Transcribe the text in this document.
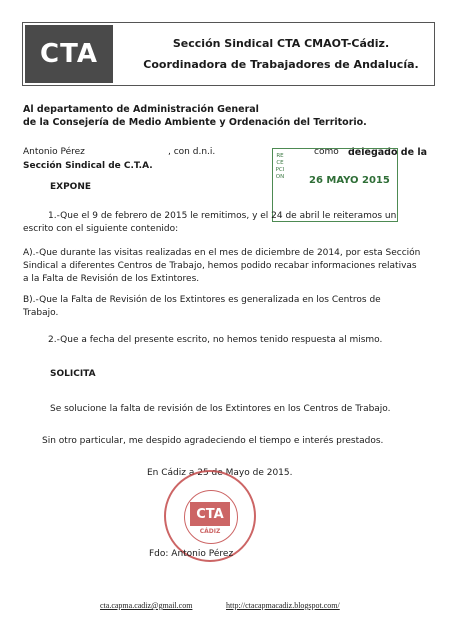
CTA	Sección Sindical CTA CMAOT-Cádiz.
Coordinadora de Trabajadores de Andalucía.
Al departamento de Administración General
de la Consejería de Medio Ambiente y Ordenación del Territorio.
Antonio Pérez	, con d.n.i.	como delegado de la
Sección Sindical de C.T.A.
RECEPCION 26 MAYO 2015
EXPONE
1.-Que el 9 de febrero de 2015 le remitimos, y el 24 de abril le reiteramos un
escrito con el siguiente contenido:
A).-Que durante las visitas realizadas en el mes de diciembre de 2014, por esta Sección
Sindical a diferentes Centros de Trabajo, hemos podido recabar informaciones relativas
a la Falta de Revisión de los Extintores.
B).-Que la Falta de Revisión de los Extintores es generalizada en los Centros de
Trabajo.
2.-Que a fecha del presente escrito, no hemos tenido respuesta al mismo.
SOLICITA
Se solucione la falta de revisión de los Extintores en los Centros de Trabajo.
Sin otro particular, me despido agradeciendo el tiempo e interés prestados.
En Cádiz a 25 de Mayo de 2015.
CTA
CÁDIZ
Fdo: Antonio Pérez
cta.capma.cadiz@gmail.com	http://ctacapmacadiz.blogspot.com/
